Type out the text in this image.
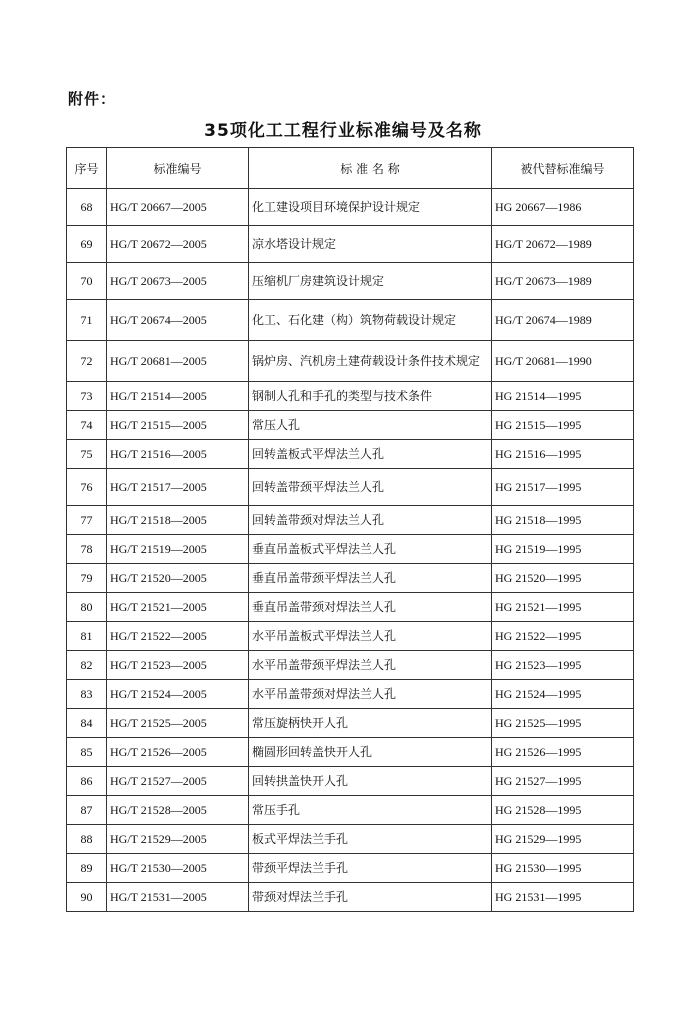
附件：
35项化工工程行业标准编号及名称
序号	标准编号	标 准 名 称	被代替标准编号
68	HG/T 20667—2005	化工建设项目环境保护设计规定	HG 20667—1986
69	HG/T 20672—2005	凉水塔设计规定	HG/T 20672—1989
70	HG/T 20673—2005	压缩机厂房建筑设计规定	HG/T 20673—1989
71	HG/T 20674—2005	化工、石化建（构）筑物荷载设计规定	HG/T 20674—1989
72	HG/T 20681—2005	锅炉房、汽机房土建荷载设计条件技术规定	HG/T 20681—1990
73	HG/T 21514—2005	钢制人孔和手孔的类型与技术条件	HG 21514—1995
74	HG/T 21515—2005	常压人孔	HG 21515—1995
75	HG/T 21516—2005	回转盖板式平焊法兰人孔	HG 21516—1995
76	HG/T 21517—2005	回转盖带颈平焊法兰人孔	HG 21517—1995
77	HG/T 21518—2005	回转盖带颈对焊法兰人孔	HG 21518—1995
78	HG/T 21519—2005	垂直吊盖板式平焊法兰人孔	HG 21519—1995
79	HG/T 21520—2005	垂直吊盖带颈平焊法兰人孔	HG 21520—1995
80	HG/T 21521—2005	垂直吊盖带颈对焊法兰人孔	HG 21521—1995
81	HG/T 21522—2005	水平吊盖板式平焊法兰人孔	HG 21522—1995
82	HG/T 21523—2005	水平吊盖带颈平焊法兰人孔	HG 21523—1995
83	HG/T 21524—2005	水平吊盖带颈对焊法兰人孔	HG 21524—1995
84	HG/T 21525—2005	常压旋柄快开人孔	HG 21525—1995
85	HG/T 21526—2005	椭圆形回转盖快开人孔	HG 21526—1995
86	HG/T 21527—2005	回转拱盖快开人孔	HG 21527—1995
87	HG/T 21528—2005	常压手孔	HG 21528—1995
88	HG/T 21529—2005	板式平焊法兰手孔	HG 21529—1995
89	HG/T 21530—2005	带颈平焊法兰手孔	HG 21530—1995
90	HG/T 21531—2005	带颈对焊法兰手孔	HG 21531—1995
